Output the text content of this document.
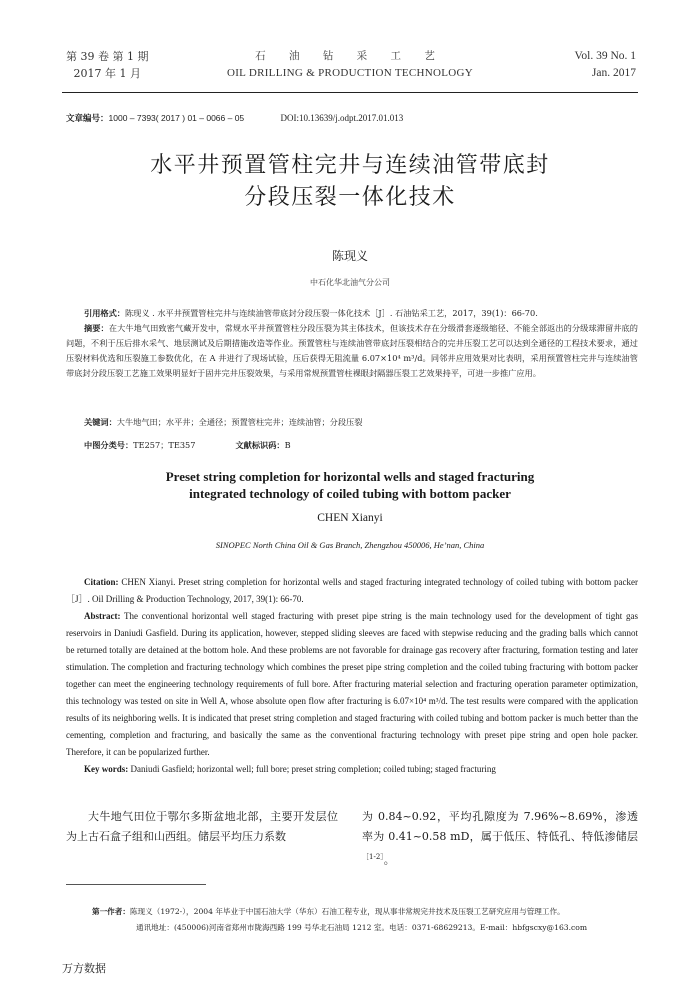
第 39 卷 第 1 期
2017 年 1 月
石 油 钻 采 工 艺
OIL DRILLING & PRODUCTION TECHNOLOGY
Vol. 39 No. 1
Jan. 2017
文章编号：1000 – 7393( 2017 ) 01 – 0066 – 05	DOI:10.13639/j.odpt.2017.01.013
水平井预置管柱完井与连续油管带底封
分段压裂一体化技术
陈现义
中石化华北油气分公司

引用格式：陈现义 . 水平井预置管柱完井与连续油管带底封分段压裂一体化技术［J］. 石油钻采工艺，2017，39(1)：66-70.

摘要：在大牛地气田致密气藏开发中，常规水平井预置管柱分段压裂为其主体技术，但该技术存在分级滑套逐级缩径、不能全部返出的分级球滞留井底的问题，不利于压后排水采气、地层测试及后期措施改造等作业。预置管柱与连续油管带底封压裂相结合的完井压裂工艺可以达到全通径的工程技术要求，通过压裂材料优选和压裂施工参数优化，在 A 井进行了现场试验，压后获得无阻流量 6.07×10⁴ m³/d。同邻井应用效果对比表明，采用预置管柱完井与连续油管带底封分段压裂工艺施工效果明显好于固井完井压裂效果，与采用常规预置管柱裸眼封隔器压裂工艺效果持平，可进一步推广应用。

关键词：大牛地气田；水平井；全通径；预置管柱完井；连续油管；分段压裂

中图分类号：TE257；TE357	文献标识码：B

Preset string completion for horizontal wells and staged fracturing
integrated technology of coiled tubing with bottom packer
CHEN Xianyi
SINOPEC North China Oil & Gas Branch, Zhengzhou 450006, He’nan, China

Citation: CHEN Xianyi. Preset string completion for horizontal wells and staged fracturing integrated technology of coiled tubing with bottom packer［J］. Oil Drilling & Production Technology, 2017, 39(1): 66-70.

Abstract: The conventional horizontal well staged fracturing with preset pipe string is the main technology used for the development of tight gas reservoirs in Daniudi Gasfield. During its application, however, stepped sliding sleeves are faced with stepwise reducing and the grading balls which cannot be returned totally are detained at the bottom hole. And these problems are not favorable for drainage gas recovery after fracturing, formation testing and later stimulation. The completion and fracturing technology which combines the preset pipe string completion and the coiled tubing fracturing with bottom packer together can meet the engineering technology requirements of full bore. After fracturing material selection and fracturing operation parameter optimization, this technology was tested on site in Well A, whose absolute open flow after fracturing is 6.07×10⁴ m³/d. The test results were compared with the application results of its neighboring wells. It is indicated that preset string completion and staged fracturing with coiled tubing and bottom packer is much better than the cementing, completion and fracturing, and basically the same as the conventional fracturing technology with preset pipe string and open hole packer. Therefore, it can be popularized further.

Key words: Daniudi Gasfield; horizontal well; full bore; preset string completion; coiled tubing; staged fracturing

大牛地气田位于鄂尔多斯盆地北部，主要开发层位为上古石盒子组和山西组。储层平均压力系数
为 0.84~0.92，平均孔隙度为 7.96%~8.69%，渗透率为 0.41~0.58 mD，属于低压、特低孔、特低渗储层$^{[1-2]}$。
第一作者：陈现义（1972-），2004 年毕业于中国石油大学（华东）石油工程专业，现从事非常规完井技术及压裂工艺研究应用与管理工作。
通讯地址：(450006)河南省郑州市陇海西路 199 号华北石油局 1212 室。电话：0371-68629213。E-mail：hbfgscxy@163.com
万方数据
